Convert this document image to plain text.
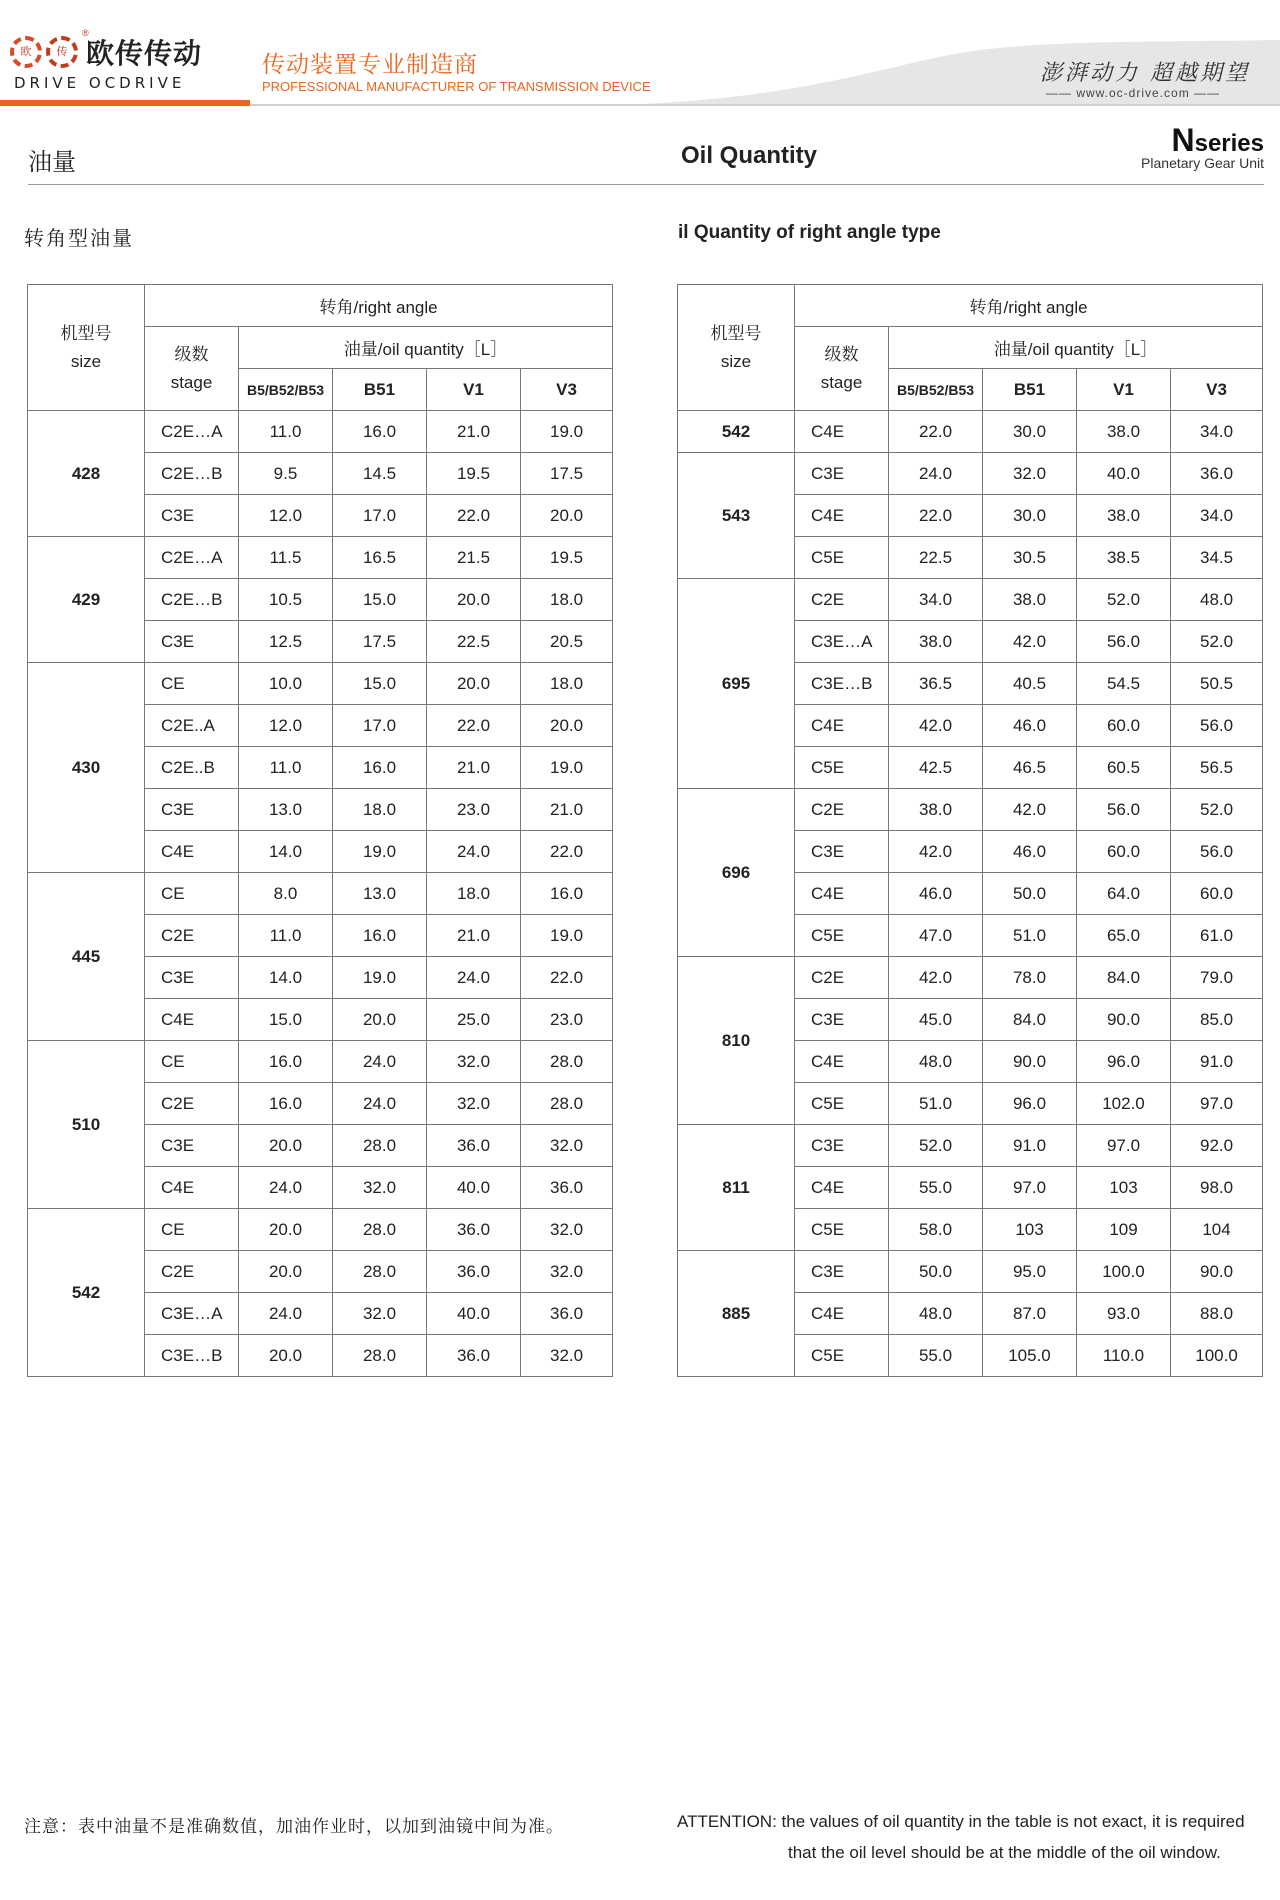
欧	传
®
欧传传动
DRIVE OCDRIVE
传动装置专业制造商
PROFESSIONAL MANUFACTURER OF TRANSMISSION DEVICE
澎湃动力 超越期望
—— www.oc-drive.com ——
油量	Oil Quantity	Nseries
Planetary Gear Unit
转角型油量	il Quantity of right angle type
机型号
size	转角/right angle				

	级数
stage	油量/oil quantity［L］			
		B5/B52/B53	B51	V1	V3
428	C2E…A	11.0	16.0	21.0	19.0
	C2E…B	9.5	14.5	19.5	17.5
	C3E	12.0	17.0	22.0	20.0
429	C2E…A	11.5	16.5	21.5	19.5
	C2E…B	10.5	15.0	20.0	18.0
	C3E	12.5	17.5	22.5	20.5
430	CE	10.0	15.0	20.0	18.0
	C2E..A	12.0	17.0	22.0	20.0
	C2E..B	11.0	16.0	21.0	19.0
	C3E	13.0	18.0	23.0	21.0
	C4E	14.0	19.0	24.0	22.0
445	CE	8.0	13.0	18.0	16.0
	C2E	11.0	16.0	21.0	19.0
	C3E	14.0	19.0	24.0	22.0
	C4E	15.0	20.0	25.0	23.0
510	CE	16.0	24.0	32.0	28.0
	C2E	16.0	24.0	32.0	28.0
	C3E	20.0	28.0	36.0	32.0
	C4E	24.0	32.0	40.0	36.0
542	CE	20.0	28.0	36.0	32.0
	C2E	20.0	28.0	36.0	32.0
	C3E…A	24.0	32.0	40.0	36.0
	C3E…B	20.0	28.0	36.0	32.0
机型号
size	转角/right angle				

	级数
stage	油量/oil quantity［L］			
		B5/B52/B53	B51	V1	V3
542	C4E	22.0	30.0	38.0	34.0
543	C3E	24.0	32.0	40.0	36.0
	C4E	22.0	30.0	38.0	34.0
	C5E	22.5	30.5	38.5	34.5
695	C2E	34.0	38.0	52.0	48.0
	C3E…A	38.0	42.0	56.0	52.0
	C3E…B	36.5	40.5	54.5	50.5
	C4E	42.0	46.0	60.0	56.0
	C5E	42.5	46.5	60.5	56.5
696	C2E	38.0	42.0	56.0	52.0
	C3E	42.0	46.0	60.0	56.0
	C4E	46.0	50.0	64.0	60.0
	C5E	47.0	51.0	65.0	61.0
810	C2E	42.0	78.0	84.0	79.0
	C3E	45.0	84.0	90.0	85.0
	C4E	48.0	90.0	96.0	91.0
	C5E	51.0	96.0	102.0	97.0
811	C3E	52.0	91.0	97.0	92.0
	C4E	55.0	97.0	103	98.0
	C5E	58.0	103	109	104
885	C3E	50.0	95.0	100.0	90.0
	C4E	48.0	87.0	93.0	88.0
	C5E	55.0	105.0	110.0	100.0
注意：表中油量不是准确数值，加油作业时，以加到油镜中间为准。	ATTENTION: the values of oil quantity in the table is not exact, it is required
that the oil level should be at the middle of the oil window.
